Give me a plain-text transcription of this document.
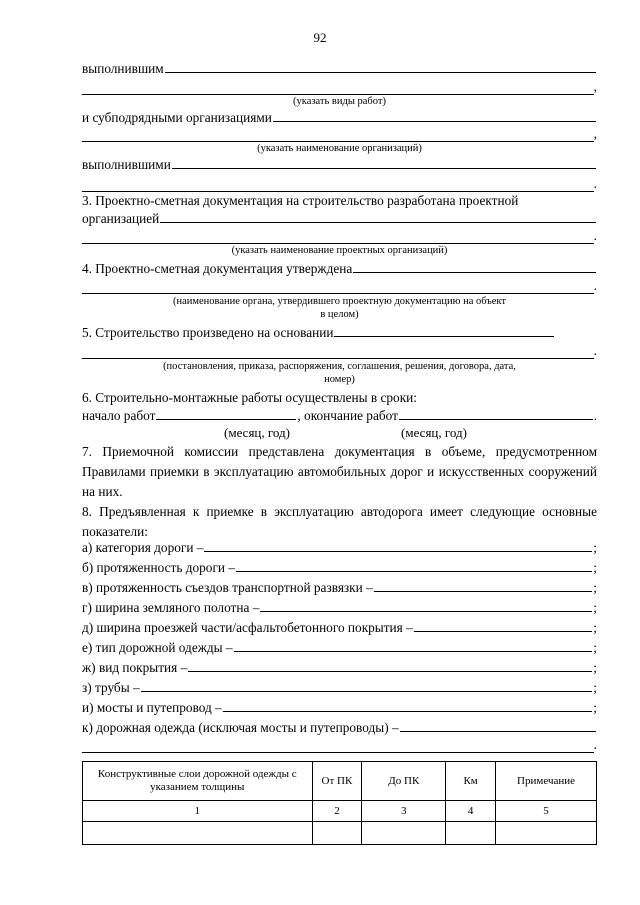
92
выполнившим
,
(указать виды работ)
и субподрядными организациями
,
(указать наименование организаций)
выполнившими
.
3. Проектно-сметная документация на строительство разработана проектной
организацией
.
(указать наименование проектных организаций)
4. Проектно-сметная документация утверждена
.
(наименование органа, утвердившего проектную документацию на объект
в целом)
5. Строительство произведено на основании
.
(постановления, приказа, распоряжения, соглашения, решения, договора, дата,
номер)
6. Строительно-монтажные работы осуществлены в сроки:
начало работ	, окончание работ	.
(месяц, год)	(месяц, год)
7. Приемочной комиссии представлена документация в объеме, предусмотренном Правилами приемки в эксплуатацию автомобильных дорог и искусственных сооружений на них.
8. Предъявленная к приемке в эксплуатацию автодорога имеет следующие основные показатели:
а) категория дороги –	;
б) протяженность дороги –	;
в) протяженность съездов транспортной развязки –	;
г) ширина земляного полотна –	;
д) ширина проезжей части/асфальтобетонного покрытия –	;
е) тип дорожной одежды –	;
ж) вид покрытия –	;
з) трубы –	;
и) мосты и путепровод –	;
к) дорожная одежда (исключая мосты и путепроводы) –
.
Конструктивные слои дорожной одежды с указанием толщины	От ПК	До ПК	Км	Примечание
1	2	3	4	5
